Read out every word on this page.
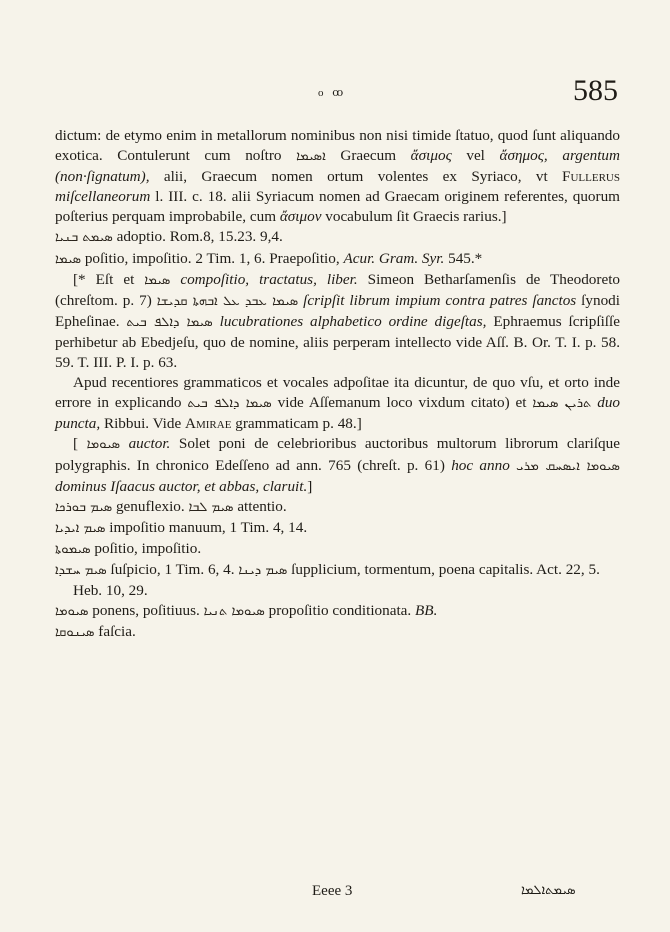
o ꝏ	585

dictum: de etymo enim in metallorum nominibus non nisi timide ſtatuo, quod ſunt aliquando exotica. Contulerunt cum noſtro ܐܣܝܡܐ Graecum ἄσιμος vel ἄσημος, argentum (non·ſignatum), alii, Graecum nomen ortum volentes ex Syriaco, vt Fullerus miſcellaneorum l. III. c. 18. alii Syriacum nomen ad Graecam originem referentes, quorum poſterius perquam improbabile, cum ἄσιμον vocabulum ſit Graecis rarius.]

ܣܝܡܬ ܒܢܝܐ adoptio. Rom.8, 15.23. 9,4.

ܣܝܡܐ poſitio, impoſitio. 2 Tim. 1, 6. Praepoſitio, Acur. Gram. Syr. 545.*

[* Eſt et ܣܝܡܐ compoſitio, tractatus, liber. Simeon Betharſamenſis de Theodoreto (chreſtom. p. 7) ܣܝܡܐ ܥܒܕ ܥܠ ܐܒܗܬܐ ܩܕܝܫܐ ſcripſit librum impium contra patres ſanctos ſynodi Epheſinae. ܣܝܡܐ ܕܐܠܦ ܒܝܬ lucubrationes alphabetico ordine digeſtas, Ephraemus ſcripſiſſe perhibetur ab Ebedjeſu, quo de nomine, aliis perperam intellecto vide Aſſ. B. Or. T. I. p. 58. 59. T. III. P. I. p. 63.

Apud recentiores grammaticos et vocales adpoſitae ita dicuntur, de quo vſu, et orto inde errore in explicando ܣܝܡܐ ܕܐܠܦ ܒܝܬ vide Aſſemanum loco vixdum citato) et ܬܪܝܢ ܣܝܡܐ duo puncta, Ribbui. Vide Amirae grammaticam p. 48.]

[ ܣܝܘܡܐ auctor. Solet poni de celebrioribus auctoribus multorum librorum clariſque polygraphis. In chronico Edeſſeno ad ann. 765 (chreſt. p. 61) hoc anno ܣܝܘܡܐ ܐܝܣܚܩ ܡܪܝ dominus Iſaacus auctor, et abbas, claruit.]

ܣܝܡ ܒܘܪܟܐ genuflexio. ܣܝܡ ܠܒܐ attentio.

ܣܝܡ ܐܝܕܝܐ impoſitio manuum, 1 Tim. 4, 14.

ܣܝܡܘܬܐ poſitio, impoſitio.

ܣܝܡ ܚܫܕܐ ſuſpicio, 1 Tim. 6, 4. ܣܝܡ ܕܝܢܐ ſupplicium, tormentum, poena capitalis. Act. 22, 5. Heb. 10, 29.

ܣܝܘܡܐ ponens, poſitiuus. ܣܝܘܡܐ ܬܢܝܐ propoſitio conditionata. BB.

ܣܝܢܘܩܐ faſcia.

Eeee 3	ܣܝܡܬܐܠܡܐ
